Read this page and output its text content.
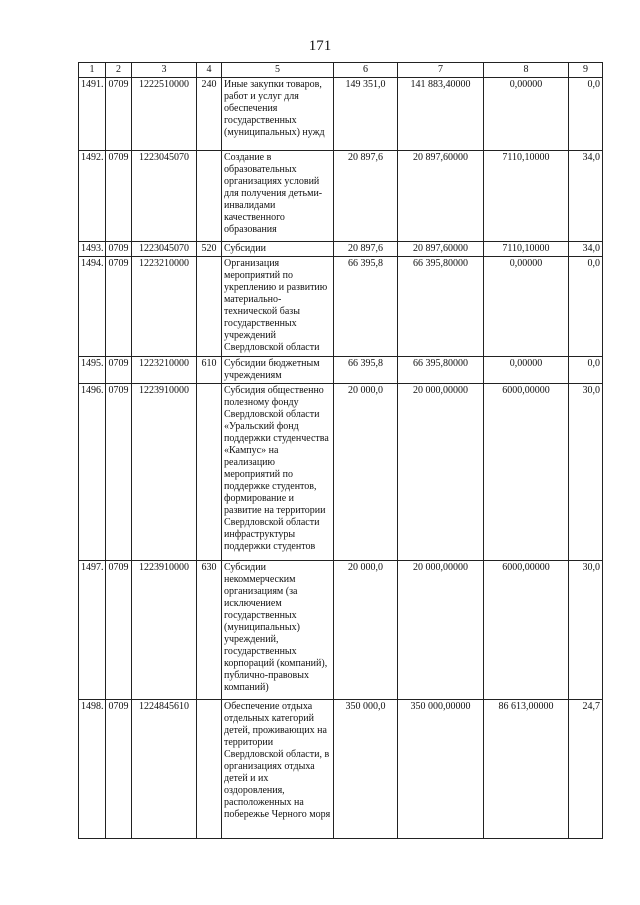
171
1	2	3	4	5	6	7	8	9
1491.	0709	1222510000	240	Иные закупки товаров, работ и услуг для обеспечения государственных (муниципальных) нужд	149 351,0	141 883,40000	0,00000	0,0
1492.	0709	1223045070		Создание в образовательных организациях условий для получения детьми-инвалидами качественного образования	20 897,6	20 897,60000	7110,10000	34,0
1493.	0709	1223045070	520	Субсидии	20 897,6	20 897,60000	7110,10000	34,0
1494.	0709	1223210000		Организация мероприятий по укреплению и развитию материально-технической базы государственных учреждений Свердловской области	66 395,8	66 395,80000	0,00000	0,0
1495.	0709	1223210000	610	Субсидии бюджетным учреждениям	66 395,8	66 395,80000	0,00000	0,0
1496.	0709	1223910000		Субсидия общественно полезному фонду Свердловской области «Уральский фонд поддержки студенчества «Кампус» на реализацию мероприятий по поддержке студентов, формирование и развитие на территории Свердловской области инфраструктуры поддержки студентов	20 000,0	20 000,00000	6000,00000	30,0
1497.	0709	1223910000	630	Субсидии некоммерческим организациям (за исключением государственных (муниципальных) учреждений, государственных корпораций (компаний), публично-правовых компаний)	20 000,0	20 000,00000	6000,00000	30,0
1498.	0709	1224845610		Обеспечение отдыха отдельных категорий детей, проживающих на территории Свердловской области, в организациях отдыха детей и их оздоровления, расположенных на побережье Черного моря	350 000,0	350 000,00000	86 613,00000	24,7
